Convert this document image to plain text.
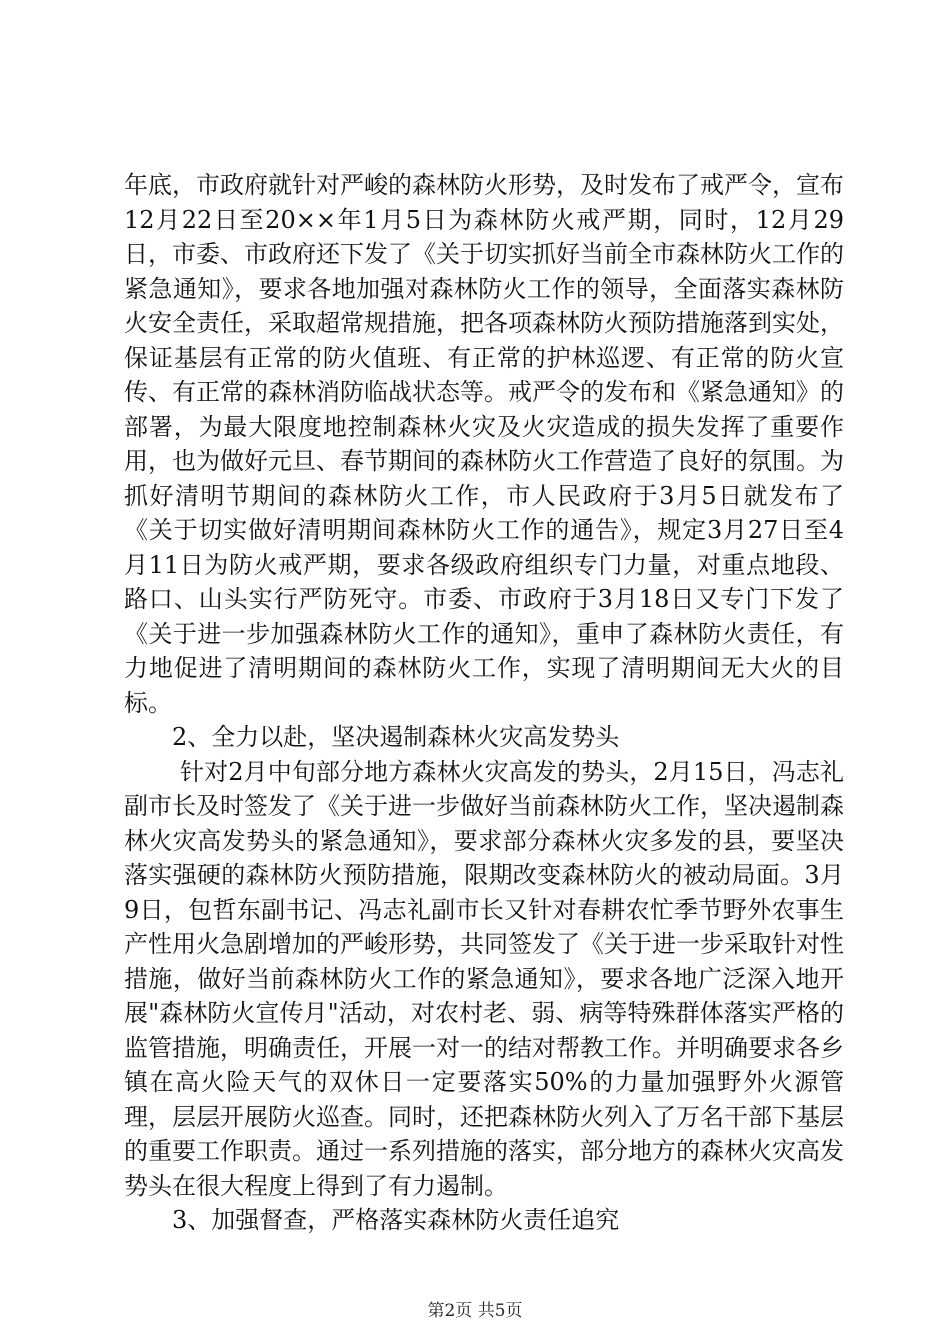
年底，市政府就针对严峻的森林防火形势，及时发布了戒严令，宣布12月22日至20××年1月5日为森林防火戒严期，同时，12月29日，市委、市政府还下发了《关于切实抓好当前全市森林防火工作的紧急通知》，要求各地加强对森林防火工作的领导，全面落实森林防火安全责任，采取超常规措施，把各项森林防火预防措施落到实处，保证基层有正常的防火值班、有正常的护林巡逻、有正常的防火宣传、有正常的森林消防临战状态等。戒严令的发布和《紧急通知》的部署，为最大限度地控制森林火灾及火灾造成的损失发挥了重要作用，也为做好元旦、春节期间的森林防火工作营造了良好的氛围。为抓好清明节期间的森林防火工作，市人民政府于3月5日就发布了《关于切实做好清明期间森林防火工作的通告》，规定3月27日至4月11日为防火戒严期，要求各级政府组织专门力量，对重点地段、路口、山头实行严防死守。市委、市政府于3月18日又专门下发了《关于进一步加强森林防火工作的通知》，重申了森林防火责任，有力地促进了清明期间的森林防火工作，实现了清明期间无大火的目标。

2、全力以赴，坚决遏制森林火灾高发势头

针对2月中旬部分地方森林火灾高发的势头，2月15日，冯志礼副市长及时签发了《关于进一步做好当前森林防火工作，坚决遏制森林火灾高发势头的紧急通知》，要求部分森林火灾多发的县，要坚决落实强硬的森林防火预防措施，限期改变森林防火的被动局面。3月9日，包哲东副书记、冯志礼副市长又针对春耕农忙季节野外农事生产性用火急剧增加的严峻形势，共同签发了《关于进一步采取针对性措施，做好当前森林防火工作的紧急通知》，要求各地广泛深入地开展"森林防火宣传月"活动，对农村老、弱、病等特殊群体落实严格的监管措施，明确责任，开展一对一的结对帮教工作。并明确要求各乡镇在高火险天气的双休日一定要落实50%的力量加强野外火源管理，层层开展防火巡查。同时，还把森林防火列入了万名干部下基层的重要工作职责。通过一系列措施的落实，部分地方的森林火灾高发势头在很大程度上得到了有力遏制。

3、加强督查，严格落实森林防火责任追究

第2页 共5页
